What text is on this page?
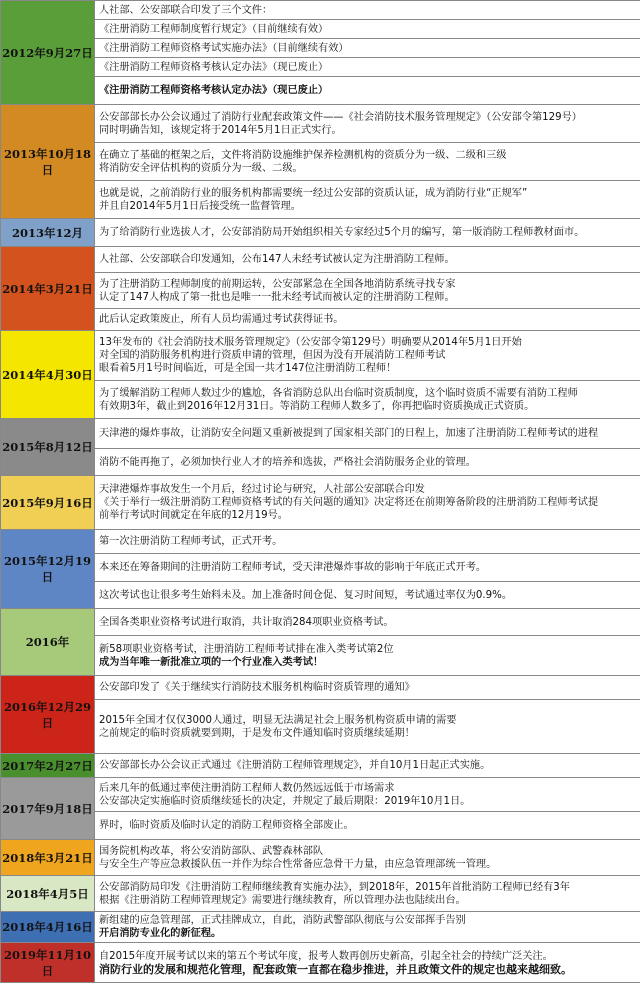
2012年9月27日	人社部、公安部联合印发了三个文件：

	《注册消防工程师制度暂行规定》（目前继续有效）

	《注册消防工程师资格考试实施办法》（目前继续有效）

	《注册消防工程师资格考核认定办法》（现已废止）

	《注册消防工程师资格考核认定办法》（现已废止）

2013年10月18日	公安部部长办公会议通过了消防行业配套政策文件——《社会消防技术服务管理规定》（公安部令第129号）
同时明确告知，该规定将于2014年5月1日正式实行。

	在确立了基础的框架之后，文件将消防设施维护保养检测机构的资质分为一级、二级和三级
将消防安全评估机构的资质分为一级、二级。

	也就是说，之前消防行业的服务机构都需要统一经过公安部的资质认证，成为消防行业“正规军”
并且自2014年5月1日后接受统一监督管理。

2013年12月	为了给消防行业选拔人才，公安部消防局开始组织相关专家经过5个月的编写，第一版消防工程师教材面市。

2014年3月21日	人社部、公安部联合印发通知，公布147人未经考试被认定为注册消防工程师。

	为了注册消防工程师制度的前期运转，公安部紧急在全国各地消防系统寻找专家
认定了147人构成了第一批也是唯一一批未经考试而被认定的注册消防工程师。

	此后认定政策废止，所有人员均需通过考试获得证书。

2014年4月30日	13年发布的《社会消防技术服务管理规定》（公安部令第129号）明确要从2014年5月1日开始
对全国的消防服务机构进行资质申请的管理，但因为没有开展消防工程师考试
眼看着5月1号时间临近，可是全国一共才147位注册消防工程师！

	为了缓解消防工程师人数过少的尴尬，各省消防总队出台临时资质制度，这个临时资质不需要有消防工程师
有效期3年，截止到2016年12月31日。等消防工程师人数多了，你再把临时资质换成正式资质。

2015年8月12日	天津港的爆炸事故，让消防安全问题又重新被提到了国家相关部门的日程上，加速了注册消防工程师考试的进程

	消防不能再拖了，必须加快行业人才的培养和选拔，严格社会消防服务企业的管理。

2015年9月16日	天津港爆炸事故发生一个月后，经过讨论与研究，人社部公安部联合印发
《关于举行一级注册消防工程师资格考试的有关问题的通知》决定将还在前期筹备阶段的注册消防工程师考试提
前举行考试时间就定在年底的12月19号。

2015年12月19日	第一次注册消防工程师考试，正式开考。

	本来还在筹备期间的注册消防工程师考试，受天津港爆炸事故的影响于年底正式开考。

	这次考试也让很多考生始料未及。加上准备时间仓促、复习时间短，考试通过率仅为0.9%。

2016年	全国各类职业资格考试进行取消，共计取消284项职业资格考试。

	新58项职业资格考试，注册消防工程师考试排在准入类考试第2位
成为当年唯一新批准立项的一个行业准入类考试！

2016年12月29日	公安部印发了《关于继续实行消防技术服务机构临时资质管理的通知》

	2015年全国才仅仅3000人通过，明显无法满足社会上服务机构资质申请的需要
之前规定的临时资质就要到期，于是发布文件通知临时资质继续延期！

2017年2月27日	公安部部长办公会议正式通过《注册消防工程师管理规定》，并自10月1日起正式实施。

2017年9月18日	后来几年的低通过率使注册消防工程师人数仍然远远低于市场需求
公安部决定实施临时资质继续延长的决定，并规定了最后期限：2019年10月1日。

	界时，临时资质及临时认定的消防工程师资格全部废止。

2018年3月21日	国务院机构改革，将公安消防部队、武警森林部队
与安全生产等应急救援队伍一并作为综合性常备应急骨干力量，由应急管理部统一管理。

2018年4月5日	公安部消防局印发《注册消防工程师继续教育实施办法》，到2018年，2015年首批消防工程师已经有3年
根据《注册消防工程师管理规定》需要进行继续教育，所以管理办法也陆续出台。

2018年4月16日	新组建的应急管理部，正式挂牌成立，自此，消防武警部队彻底与公安部挥手告别
开启消防专业化的新征程。

2019年11月10日	自2015年度开展考试以来的第五个考试年度，报考人数再创历史新高，引起全社会的持续广泛关注。
消防行业的发展和规范化管理，配套政策一直都在稳步推进，并且政策文件的规定也越来越细致。
